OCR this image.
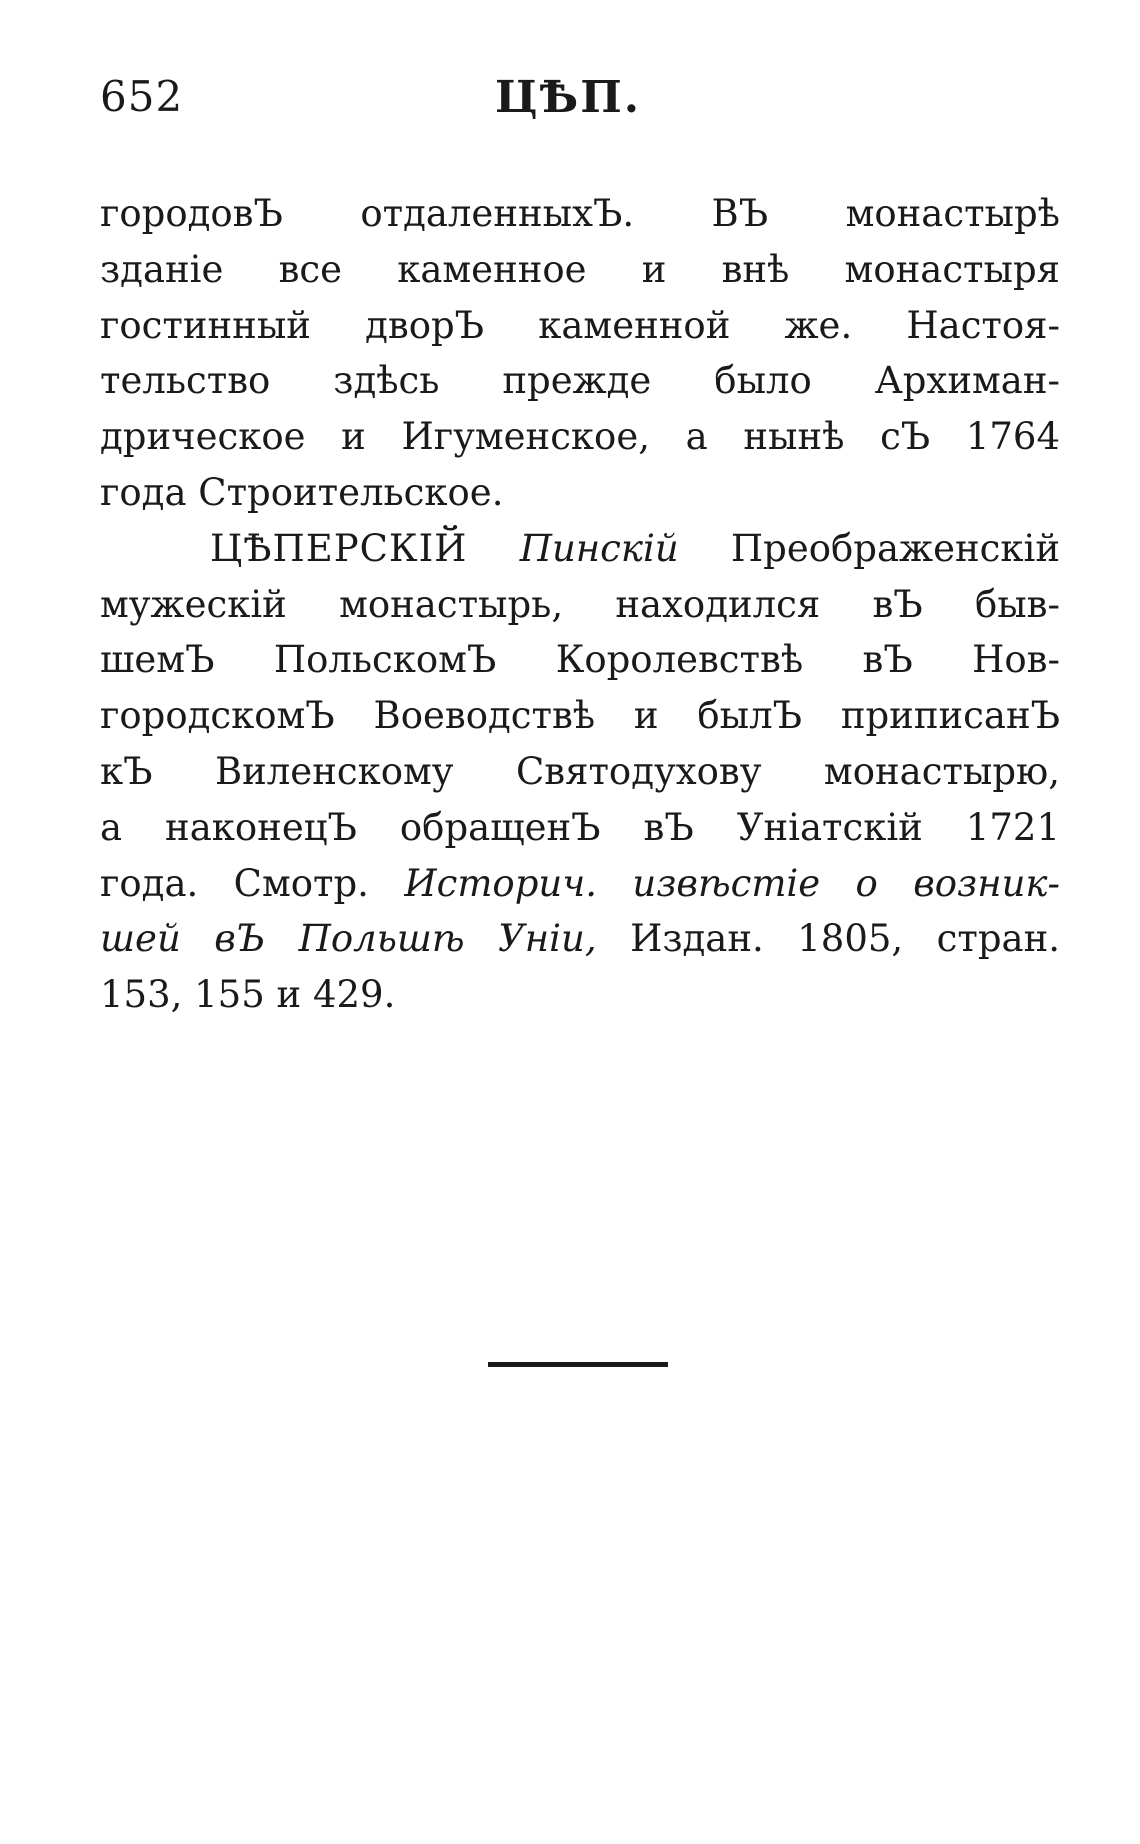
652	ЦѢП.
городовЪ отдаленныхЪ. ВЪ монастырѣ
зданіе все каменное и внѣ монастыря
гостинный дворЪ каменной же. Настоя-
тельство здѣсь прежде было Архиман-
дрическое и Игуменское, а нынѣ сЪ 1764
года Строительское.
ЦѢПЕРСКІЙ Пинскій Преображенскій
мужескій монастырь, находился вЪ быв-
шемЪ ПольскомЪ Королевствѣ вЪ Нов-
городскомЪ Воеводствѣ и былЪ приписанЪ
кЪ Виленскому Святодухову монастырю,
а наконецЪ обращенЪ вЪ Уніатскій 1721
года. Смотр. Историч. извѣстіе о возник-
шей вЪ Польшѣ Уніи, Издан. 1805, стран.
153, 155 и 429.
